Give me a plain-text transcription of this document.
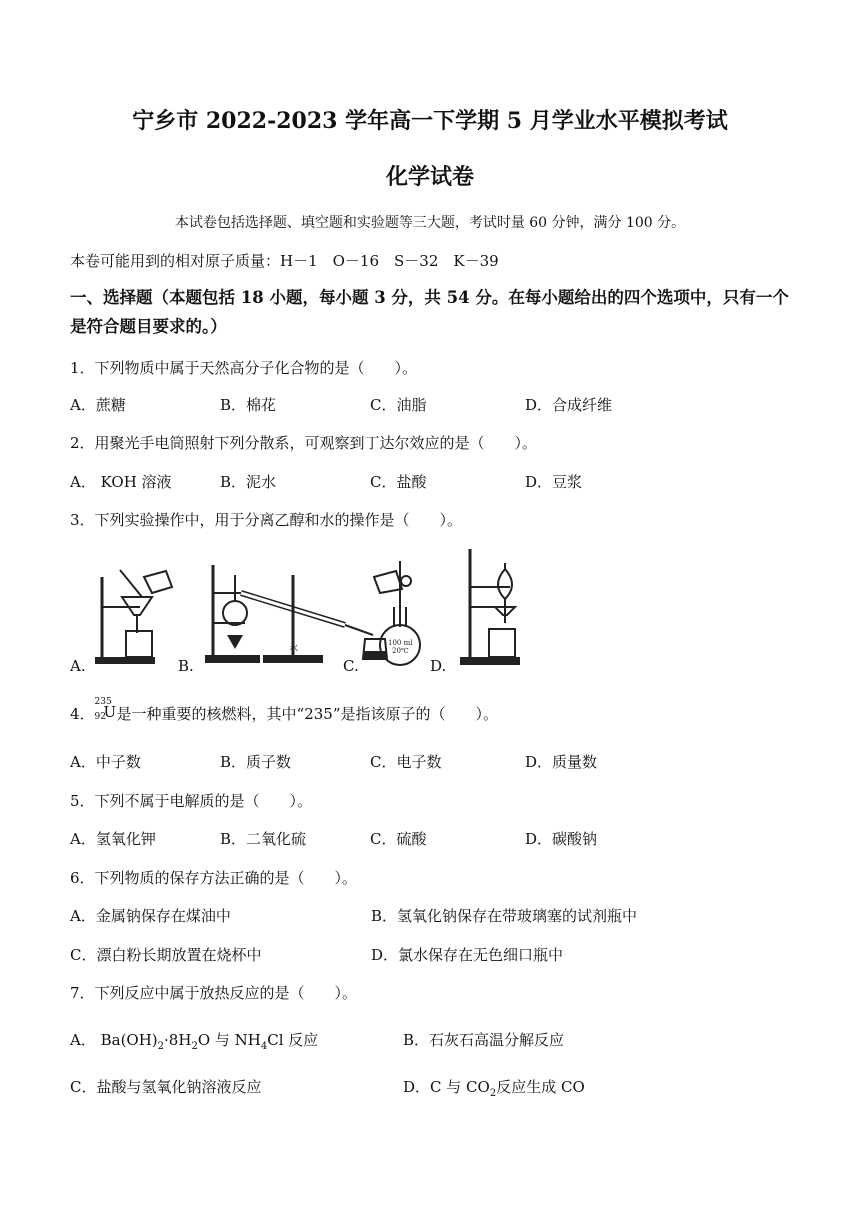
宁乡市 2022-2023 学年高一下学期 5 月学业水平模拟考试
化学试卷
本试卷包括选择题、填空题和实验题等三大题，考试时量 60 分钟，满分 100 分。
本卷可能用到的相对原子质量：H－1　O－16　S－32　K－39
一、选择题（本题包括 18 小题，每小题 3 分，共 54 分。在每小题给出的四个选项中，只有一个是符合题目要求的。）
1．下列物质中属于天然高分子化合物的是（　　）。
A．蔗糖	B．棉花	C．油脂	D．合成纤维
2．用聚光手电筒照射下列分散系，可观察到丁达尔效应的是（　　）。
A． KOH 溶液	B．泥水	C．盐酸	D．豆浆
3．下列实验操作中，用于分离乙醇和水的操作是（　　）。
A.
水
B.
100 ml
20℃
C.	D.
4．
235
92
U 是一种重要的核燃料，其中“235”是指该原子的（　　）。
A．中子数	B．质子数	C．电子数	D．质量数
5．下列不属于电解质的是（　　）。
A．氢氧化钾	B．二氧化硫	C．硫酸	D．碳酸钠
6．下列物质的保存方法正确的是（　　）。
A．金属钠保存在煤油中	B．氢氧化钠保存在带玻璃塞的试剂瓶中
C．漂白粉长期放置在烧杯中	D．氯水保存在无色细口瓶中
7．下列反应中属于放热反应的是（　　）。
A． $Ba(OH)_2\cdot 8H_2O$ 与 $NH_4Cl$ 反应	B．石灰石高温分解反应
C．盐酸与氢氧化钠溶液反应	D．C 与 $CO_2$反应生成 CO
